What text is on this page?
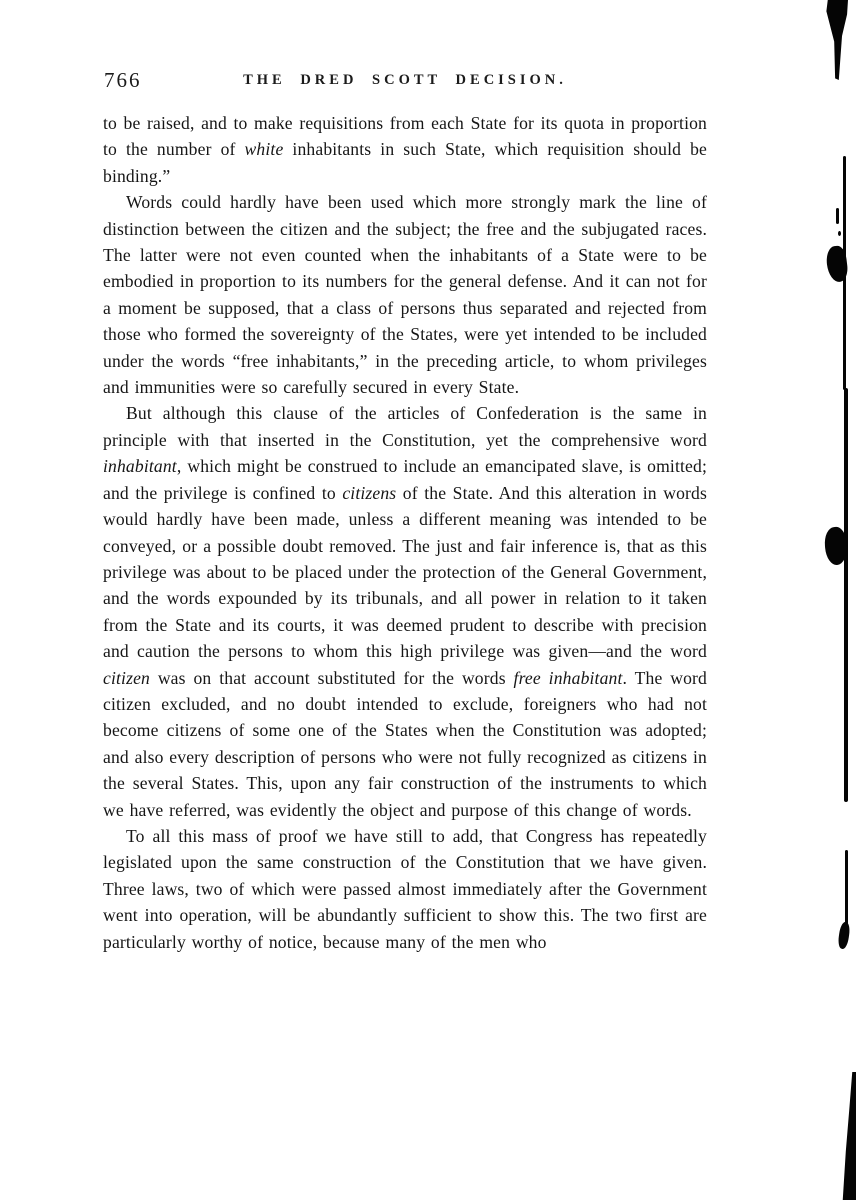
766	THE DRED SCOTT DECISION.

to be raised, and to make requisitions from each State for its quota in proportion to the number of white inhabitants in such State, which requisition should be binding.”

Words could hardly have been used which more strongly mark the line of distinction between the citizen and the subject; the free and the subjugated races. The latter were not even counted when the inhabitants of a State were to be embodied in proportion to its numbers for the general defense. And it can not for a moment be supposed, that a class of persons thus separated and rejected from those who formed the sovereignty of the States, were yet intended to be included under the words “free inhabitants,” in the preceding article, to whom privileges and immunities were so carefully secured in every State.

But although this clause of the articles of Confederation is the same in principle with that inserted in the Constitution, yet the comprehensive word inhabitant, which might be construed to include an emancipated slave, is omitted; and the privilege is confined to citizens of the State. And this alteration in words would hardly have been made, unless a different meaning was intended to be conveyed, or a possible doubt removed. The just and fair inference is, that as this privilege was about to be placed under the protection of the General Government, and the words expounded by its tribunals, and all power in relation to it taken from the State and its courts, it was deemed prudent to describe with precision and caution the persons to whom this high privilege was given—and the word citizen was on that account substituted for the words free inhabitant. The word citizen excluded, and no doubt intended to exclude, foreigners who had not become citizens of some one of the States when the Constitution was adopted; and also every description of persons who were not fully recognized as citizens in the several States. This, upon any fair construction of the instruments to which we have referred, was evidently the object and purpose of this change of words.

To all this mass of proof we have still to add, that Congress has repeatedly legislated upon the same construction of the Constitution that we have given. Three laws, two of which were passed almost immediately after the Government went into operation, will be abundantly sufficient to show this. The two first are particularly worthy of notice, because many of the men who
